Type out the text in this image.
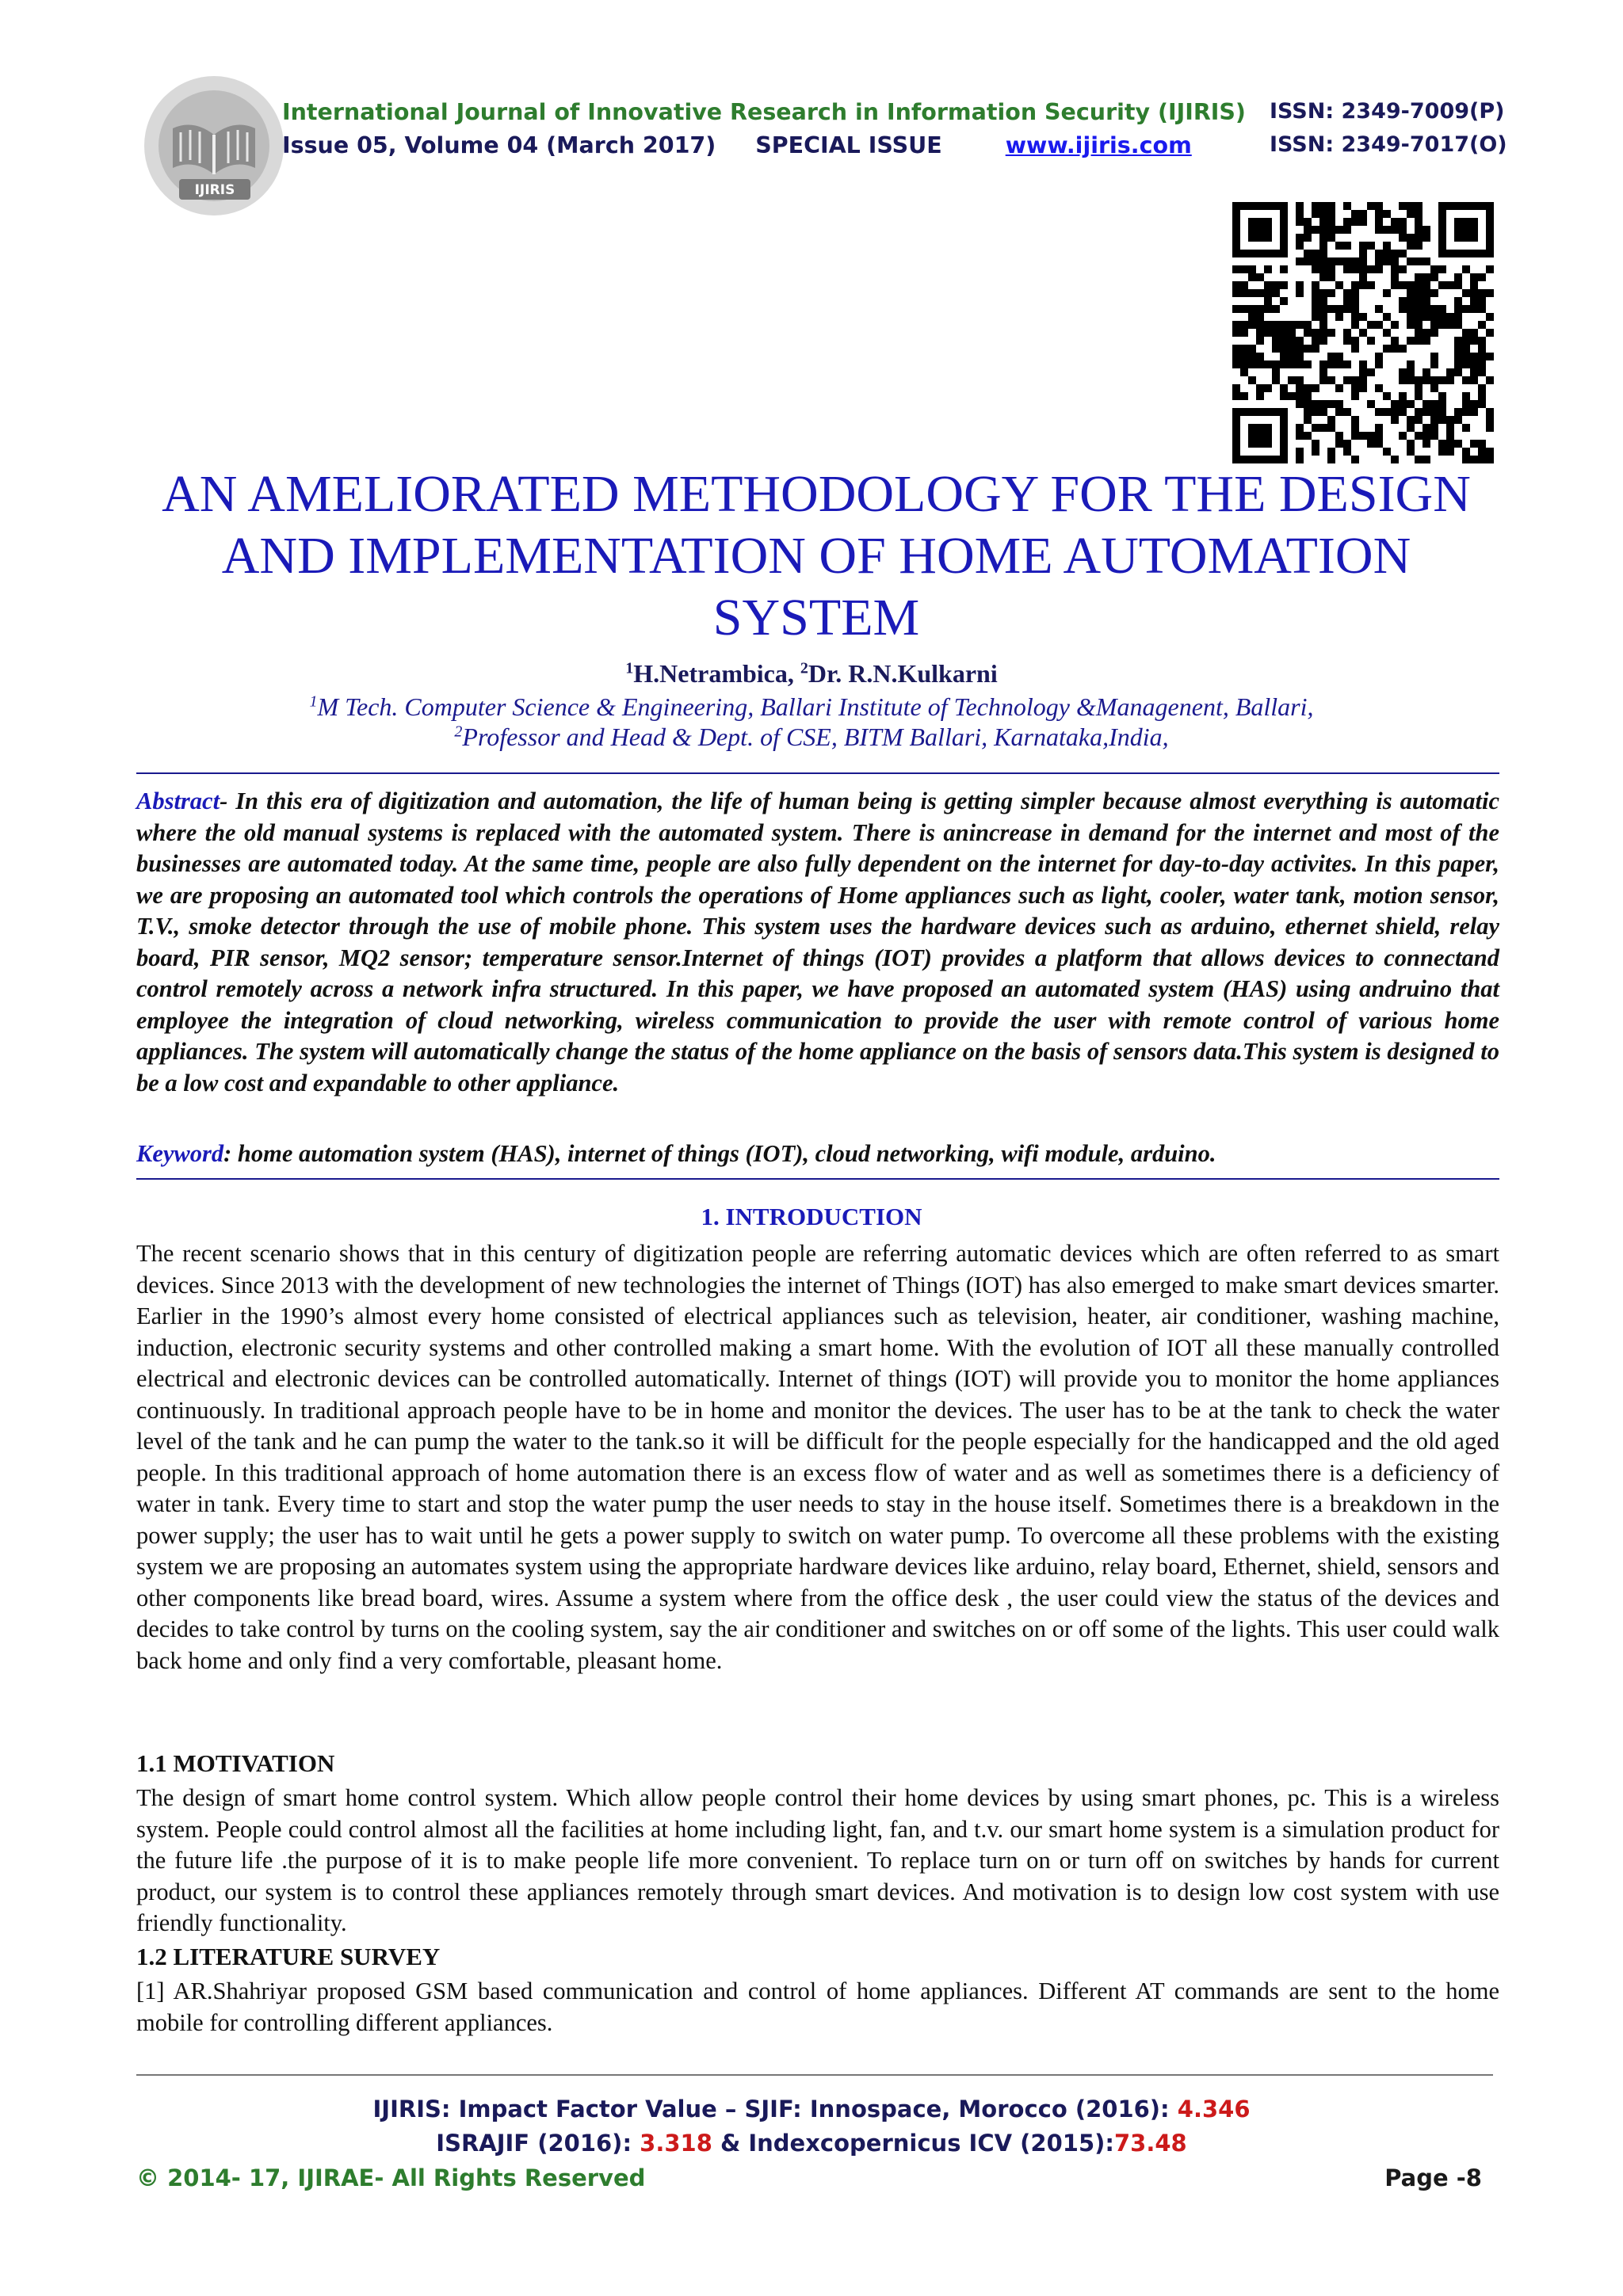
IJIRIS
International Journal of Innovative Research in Information Security (IJIRIS) ISSN: 2349-7009(P)
Issue 05, Volume 04 (March 2017) SPECIAL ISSUE	www.ijiris.com	ISSN: 2349-7017(O)
AN AMELIORATED METHODOLOGY FOR THE DESIGN AND IMPLEMENTATION OF HOME AUTOMATION SYSTEM
$^1$H.Netrambica, $^2$Dr. R.N.Kulkarni
$^1$M Tech. Computer Science & Engineering, Ballari Institute of Technology &Managenent, Ballari,
$^2$Professor and Head & Dept. of CSE, BITM Ballari, Karnataka,India,
Abstract- In this era of digitization and automation, the life of human being is getting simpler because almost everything is automatic where the old manual systems is replaced with the automated system. There is anincrease in demand for the internet and most of the businesses are automated today. At the same time, people are also fully dependent on the internet for day-to-day activites. In this paper, we are proposing an automated tool which controls the operations of Home appliances such as light, cooler, water tank, motion sensor, T.V., smoke detector through the use of mobile phone. This system uses the hardware devices such as arduino, ethernet shield, relay board, PIR sensor, MQ2 sensor; temperature sensor.Internet of things (IOT) provides a platform that allows devices to connectand control remotely across a network infra structured. In this paper, we have proposed an automated system (HAS) using andruino that employee the integration of cloud networking, wireless communication to provide the user with remote control of various home appliances. The system will automatically change the status of the home appliance on the basis of sensors data.This system is designed to be a low cost and expandable to other appliance.
Keyword: home automation system (HAS), internet of things (IOT), cloud networking, wifi module, arduino.
1. INTRODUCTION
The recent scenario shows that in this century of digitization people are referring automatic devices which are often referred to as smart devices. Since 2013 with the development of new technologies the internet of Things (IOT) has also emerged to make smart devices smarter. Earlier in the 1990’s almost every home consisted of electrical appliances such as television, heater, air conditioner, washing machine, induction, electronic security systems and other controlled making a smart home. With the evolution of IOT all these manually controlled electrical and electronic devices can be controlled automatically. Internet of things (IOT) will provide you to monitor the home appliances continuously. In traditional approach people have to be in home and monitor the devices. The user has to be at the tank to check the water level of the tank and he can pump the water to the tank.so it will be difficult for the people especially for the handicapped and the old aged people. In this traditional approach of home automation there is an excess flow of water and as well as sometimes there is a deficiency of water in tank. Every time to start and stop the water pump the user needs to stay in the house itself. Sometimes there is a breakdown in the power supply; the user has to wait until he gets a power supply to switch on water pump. To overcome all these problems with the existing system we are proposing an automates system using the appropriate hardware devices like arduino, relay board, Ethernet, shield, sensors and other components like bread board, wires. Assume a system where from the office desk , the user could view the status of the devices and decides to take control by turns on the cooling system, say the air conditioner and switches on or off some of the lights. This user could walk back home and only find a very comfortable, pleasant home.
1.1 MOTIVATION
The design of smart home control system. Which allow people control their home devices by using smart phones, pc. This is a wireless system. People could control almost all the facilities at home including light, fan, and t.v. our smart home system is a simulation product for the future life .the purpose of it is to make people life more convenient. To replace turn on or turn off on switches by hands for current product, our system is to control these appliances remotely through smart devices. And motivation is to design low cost system with use friendly functionality.
1.2 LITERATURE SURVEY
[1] AR.Shahriyar proposed GSM based communication and control of home appliances. Different AT commands are sent to the home mobile for controlling different appliances.
IJIRIS: Impact Factor Value – SJIF: Innospace, Morocco (2016): 4.346
ISRAJIF (2016): 3.318 & Indexcopernicus ICV (2015):73.48
© 2014- 17, IJIRAE- All Rights Reserved	Page -8
